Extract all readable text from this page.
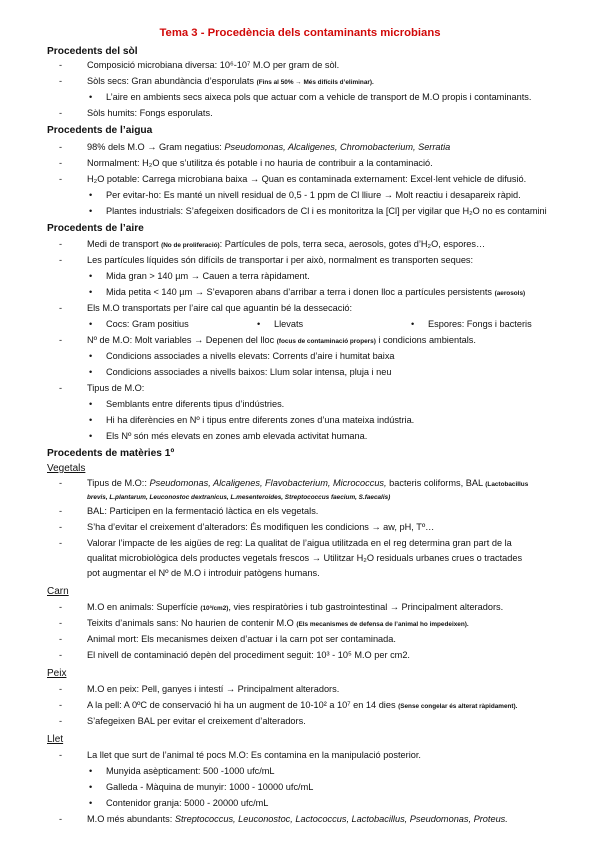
Tema 3 - Procedència dels contaminants microbians
Procedents del sòl
- Composició microbiana diversa: 10⁶-10⁷ M.O per gram de sòl.
- Sòls secs: Gran abundància d’esporulats (Fins al 50% → Més difícils d’eliminar).
• L’aire en ambients secs aixeca pols que actuar com a vehicle de transport de M.O propis i contaminants.
- Sòls humits: Fongs esporulats.
Procedents de l’aigua
- 98% dels M.O → Gram negatius: Pseudomonas, Alcaligenes, Chromobacterium, Serratia
- Normalment: H₂O que s’utilitza és potable i no hauria de contribuir a la contaminació.
- H₂O potable: Carrega microbiana baixa → Quan es contaminada externament: Excel·lent vehicle de difusió.
• Per evitar-ho: Es manté un nivell residual de 0,5 - 1 ppm de Cl lliure → Molt reactiu i desapareix ràpid.
• Plantes industrials: S’afegeixen dosificadors de Cl i es monitoritza la [Cl] per vigilar que H₂O no es contamini
Procedents de l’aire
- Medi de transport (No de proliferació): Partícules de pols, terra seca, aerosols, gotes d’H₂O, espores…
- Les partícules líquides són difícils de transportar i per això, normalment es transporten seques:
• Mida gran > 140 µm → Cauen a terra ràpidament.
• Mida petita < 140 µm → S’evaporen abans d’arribar a terra i donen lloc a partícules persistents (aerosols)
- Els M.O transportats per l’aire cal que aguantin bé la dessecació:
• Cocs: Gram positius	• Llevats	• Espores: Fongs i bacteris
- Nº de M.O: Molt variables → Depenen del lloc (focus de contaminació propers) i condicions ambientals.
• Condicions associades a nivells elevats: Corrents d’aire i humitat baixa
• Condicions associades a nivells baixos: Llum solar intensa, pluja i neu
- Tipus de M.O:
• Semblants entre diferents tipus d’indústries.
• Hi ha diferències en Nº i tipus entre diferents zones d’una mateixa indústria.
• Els Nº són més elevats en zones amb elevada activitat humana.
Procedents de matèries 1º
Vegetals
- Tipus de M.O:: Pseudomonas, Alcaligenes, Flavobacterium, Micrococcus, bacteris coliforms, BAL (Lactobacillus
brevis, L.plantarum, Leuconostoc dextranicus, L.mesenteroides, Streptococcus faecium, S.faecalis)
- BAL: Participen en la fermentació làctica en els vegetals.
- S’ha d’evitar el creixement d’alteradors: És modifiquen les condicions → aw, pH, Tº…
- Valorar l’impacte de les aigües de reg: La qualitat de l’aigua utilitzada en el reg determina gran part de la
qualitat microbiològica dels productes vegetals frescos → Utilitzar H₂O residuals urbanes crues o tractades
pot augmentar el Nº de M.O i introduir patògens humans.
Carn
- M.O en animals: Superfície (10³/cm2), vies respiratòries i tub gastrointestinal → Principalment alteradors.
- Teixits d’animals sans: No haurien de contenir M.O (Els mecanismes de defensa de l’animal ho impedeixen).
- Animal mort: Els mecanismes deixen d’actuar i la carn pot ser contaminada.
- El nivell de contaminació depèn del procediment seguit: 10³ - 10⁵ M.O per cm2.
Peix
- M.O en peix: Pell, ganyes i intestí → Principalment alteradors.
- A la pell: A 0ºC de conservació hi ha un augment de 10-10² a 10⁷ en 14 dies (Sense congelar és alterat ràpidament).
- S’afegeixen BAL per evitar el creixement d’alteradors.
Llet
- La llet que surt de l’animal té pocs M.O: Es contamina en la manipulació posterior.
• Munyida asèpticament: 500 -1000 ufc/mL
• Galleda - Màquina de munyir: 1000 - 10000 ufc/mL
• Contenidor granja: 5000 - 20000 ufc/mL
- M.O més abundants: Streptococcus, Leuconostoc, Lactococcus, Lactobacillus, Pseudomonas, Proteus.
